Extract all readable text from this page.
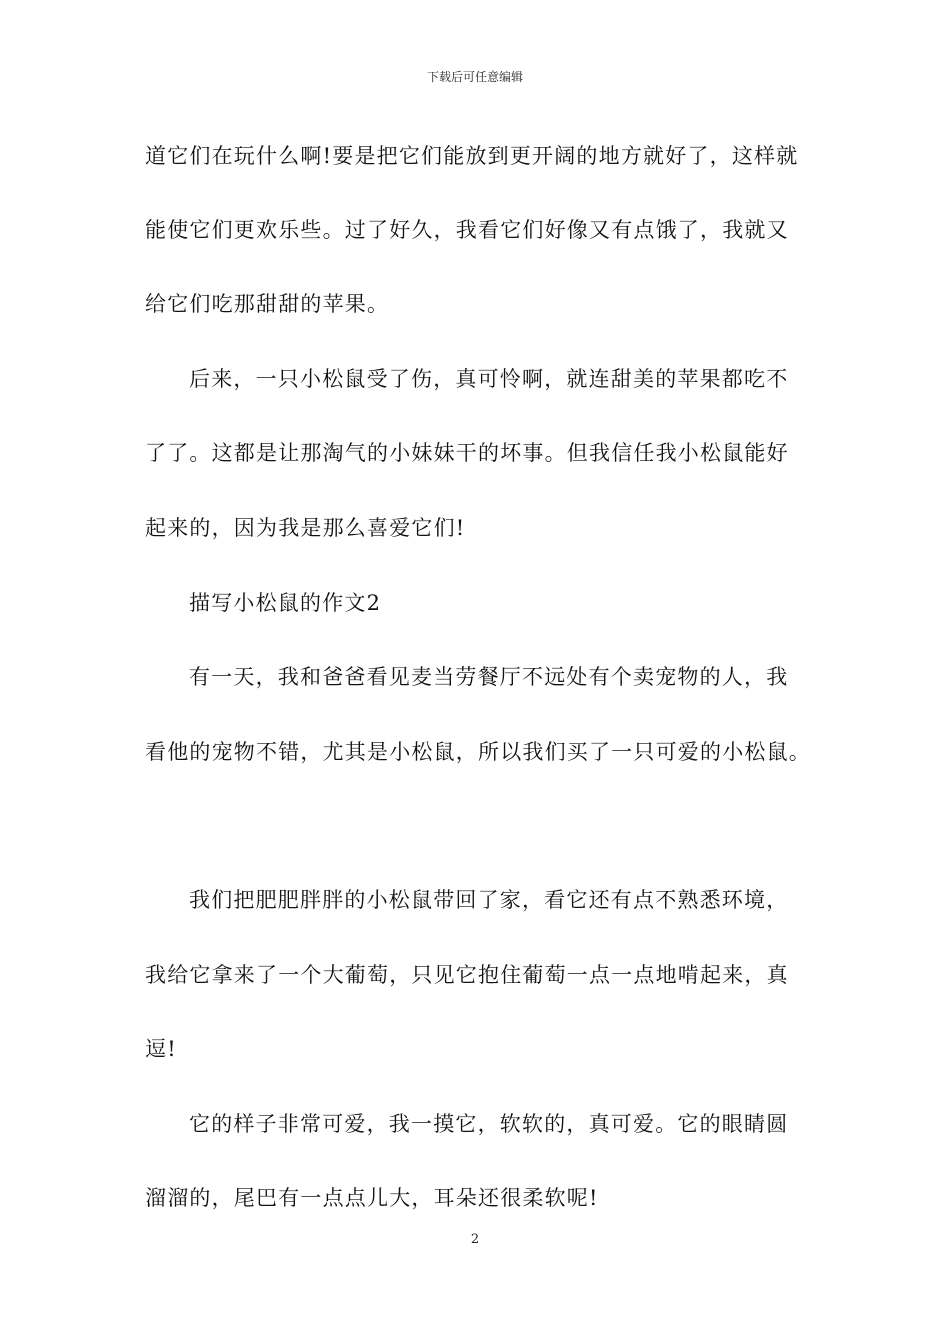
下载后可任意编辑
道它们在玩什么啊!要是把它们能放到更开阔的地方就好了，这样就
能使它们更欢乐些。过了好久，我看它们好像又有点饿了，我就又
给它们吃那甜甜的苹果。
后来，一只小松鼠受了伤，真可怜啊，就连甜美的苹果都吃不
了了。这都是让那淘气的小妹妹干的坏事。但我信任我小松鼠能好
起来的，因为我是那么喜爱它们!
描写小松鼠的作文2
有一天，我和爸爸看见麦当劳餐厅不远处有个卖宠物的人，我
看他的宠物不错，尤其是小松鼠，所以我们买了一只可爱的小松鼠。
我们把肥肥胖胖的小松鼠带回了家，看它还有点不熟悉环境，
我给它拿来了一个大葡萄，只见它抱住葡萄一点一点地啃起来，真
逗!
它的样子非常可爱，我一摸它，软软的，真可爱。它的眼睛圆
溜溜的，尾巴有一点点儿大，耳朵还很柔软呢!
2
